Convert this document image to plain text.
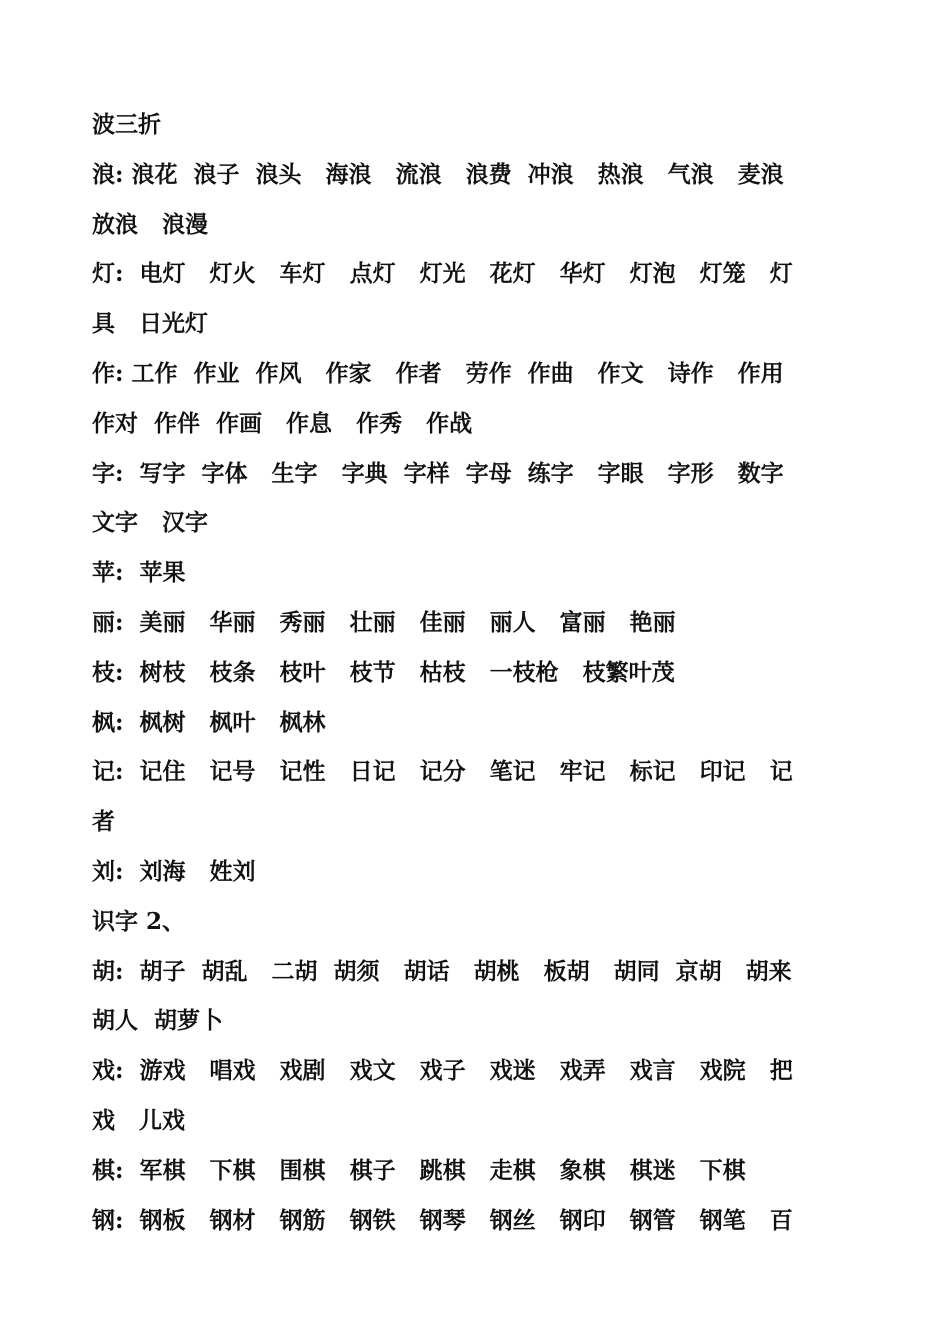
波三折
浪: 浪花  浪子  浪头   海浪   流浪   浪费  冲浪   热浪   气浪   麦浪
放浪   浪漫
灯:  电灯   灯火   车灯   点灯   灯光   花灯   华灯   灯泡   灯笼   灯
具   日光灯
作: 工作  作业  作风   作家   作者   劳作  作曲   作文   诗作   作用
作对  作伴  作画   作息   作秀   作战
字:  写字  字体   生字   字典  字样  字母  练字   字眼   字形   数字
文字   汉字
苹:  苹果
丽:  美丽   华丽   秀丽   壮丽   佳丽   丽人   富丽   艳丽
枝:  树枝   枝条   枝叶   枝节   枯枝   一枝枪   枝繁叶茂
枫:  枫树   枫叶   枫林
记:  记住   记号   记性   日记   记分   笔记   牢记   标记   印记   记
者
刘:  刘海   姓刘
识字 2、
胡:  胡子  胡乱   二胡  胡须   胡话   胡桃   板胡   胡同  京胡   胡来
胡人  胡萝卜
戏:  游戏   唱戏   戏剧   戏文   戏子   戏迷   戏弄   戏言   戏院   把
戏   儿戏
棋:  军棋   下棋   围棋   棋子   跳棋   走棋   象棋   棋迷   下棋
钢:  钢板   钢材   钢筋   钢铁   钢琴   钢丝   钢印   钢管   钢笔   百
